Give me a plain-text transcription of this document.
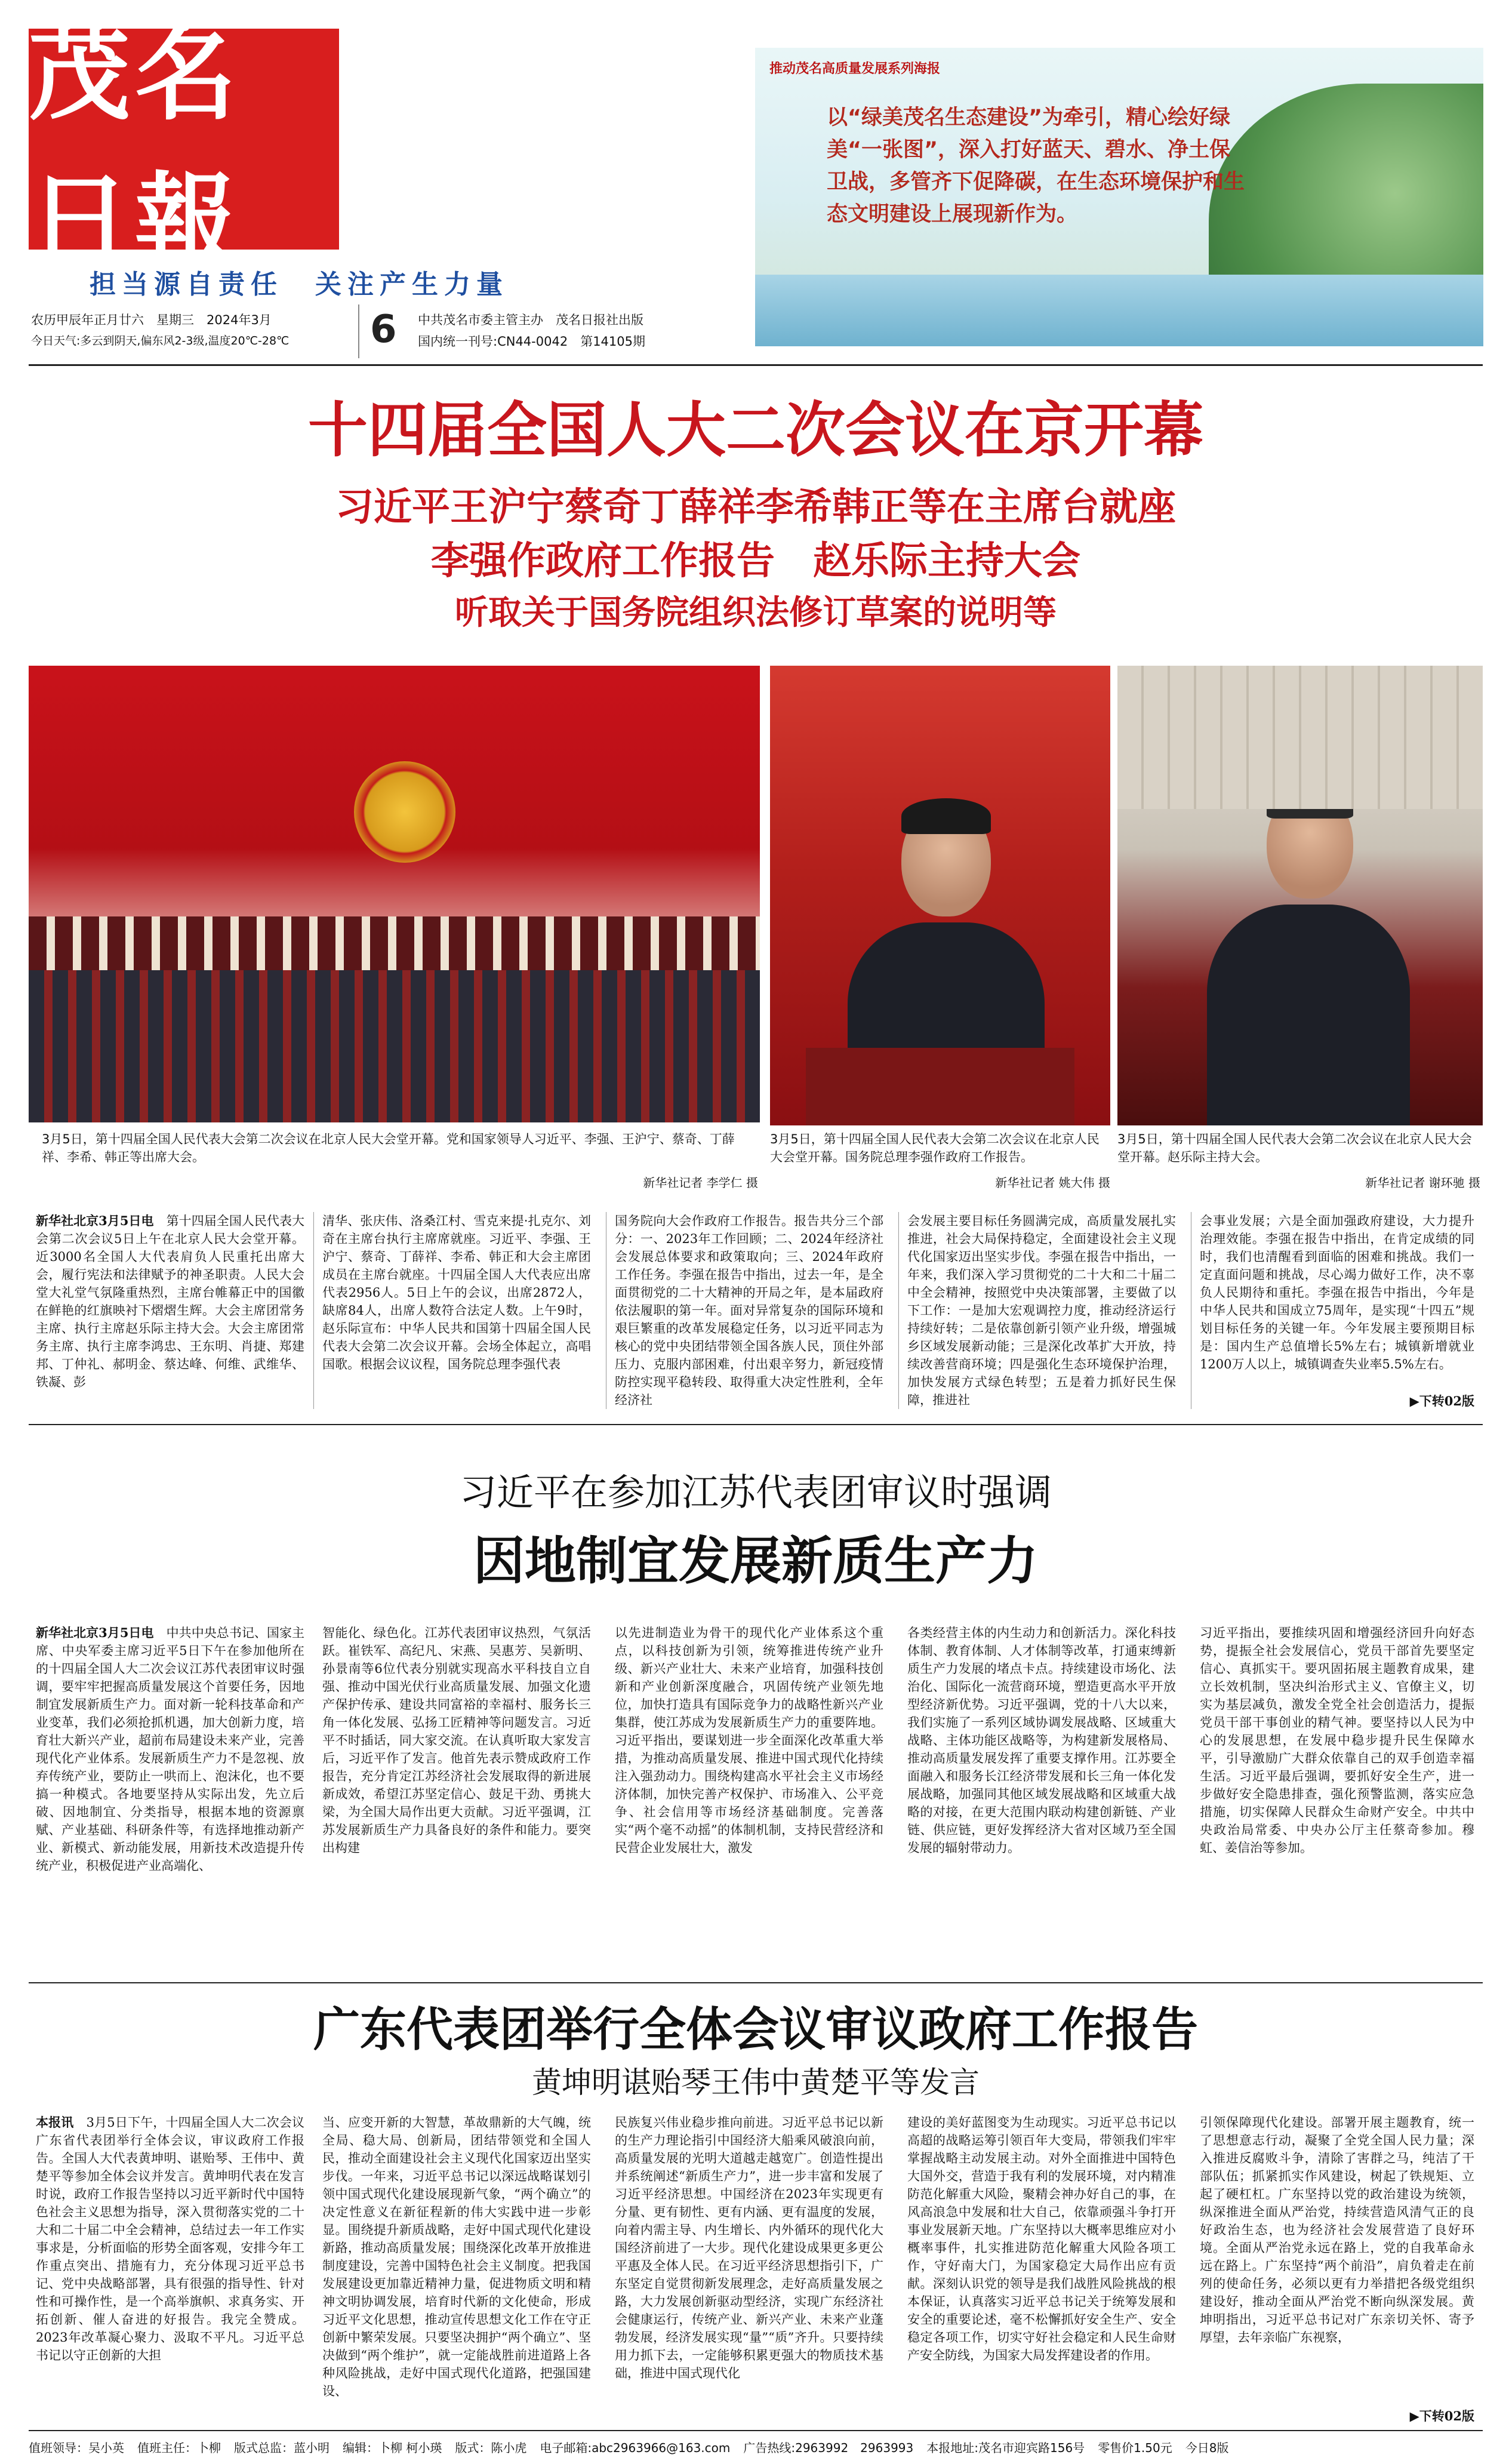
茂名日報
担当源自责任　关注产生力量
农历甲辰年正月廿六　星期三　2024年3月
今日天气:多云到阴天,偏东风2-3级,温度20℃-28℃ 6 中共茂名市委主管主办　茂名日报社出版
国内统一刊号:CN44-0042　第14105期
推动茂名高质量发展系列海报
以“绿美茂名生态建设”为牵引，精心绘好绿美“一张图”，深入打好蓝天、碧水、净土保卫战，多管齐下促降碳，在生态环境保护和生态文明建设上展现新作为。
十四届全国人大二次会议在京开幕
习近平王沪宁蔡奇丁薛祥李希韩正等在主席台就座
李强作政府工作报告　赵乐际主持大会
听取关于国务院组织法修订草案的说明等
3月5日，第十四届全国人民代表大会第二次会议在北京人民大会堂开幕。党和国家领导人习近平、李强、王沪宁、蔡奇、丁薛祥、李希、韩正等出席大会。
新华社记者 李学仁 摄
3月5日，第十四届全国人民代表大会第二次会议在北京人民大会堂开幕。国务院总理李强作政府工作报告。
新华社记者 姚大伟 摄
3月5日，第十四届全国人民代表大会第二次会议在北京人民大会堂开幕。赵乐际主持大会。
新华社记者 谢环驰 摄
新华社北京3月5日电　 第十四届全国人民代表大会第二次会议5日上午在北京人民大会堂开幕。近3000名全国人大代表肩负人民重托出席大会，履行宪法和法律赋予的神圣职责。人民大会堂大礼堂气氛隆重热烈，主席台帷幕正中的国徽在鲜艳的红旗映衬下熠熠生辉。大会主席团常务主席、执行主席赵乐际主持大会。大会主席团常务主席、执行主席李鸿忠、王东明、肖捷、郑建邦、丁仲礼、郝明金、蔡达峰、何维、武维华、铁凝、彭
清华、张庆伟、洛桑江村、雪克来提·扎克尔、刘奇在主席台执行主席席就座。习近平、李强、王沪宁、蔡奇、丁薛祥、李希、韩正和大会主席团成员在主席台就座。十四届全国人大代表应出席代表2956人。5日上午的会议，出席2872人，缺席84人，出席人数符合法定人数。上午9时，赵乐际宣布：中华人民共和国第十四届全国人民代表大会第二次会议开幕。会场全体起立，高唱国歌。根据会议议程，国务院总理李强代表
国务院向大会作政府工作报告。报告共分三个部分：一、2023年工作回顾；二、2024年经济社会发展总体要求和政策取向；三、2024年政府工作任务。李强在报告中指出，过去一年，是全面贯彻党的二十大精神的开局之年，是本届政府依法履职的第一年。面对异常复杂的国际环境和艰巨繁重的改革发展稳定任务，以习近平同志为核心的党中央团结带领全国各族人民，顶住外部压力、克服内部困难，付出艰辛努力，新冠疫情防控实现平稳转段、取得重大决定性胜利，全年经济社
会发展主要目标任务圆满完成，高质量发展扎实推进，社会大局保持稳定，全面建设社会主义现代化国家迈出坚实步伐。李强在报告中指出，一年来，我们深入学习贯彻党的二十大和二十届二中全会精神，按照党中央决策部署，主要做了以下工作：一是加大宏观调控力度，推动经济运行持续好转；二是依靠创新引领产业升级，增强城乡区域发展新动能；三是深化改革扩大开放，持续改善营商环境；四是强化生态环境保护治理，加快发展方式绿色转型；五是着力抓好民生保障，推进社
会事业发展；六是全面加强政府建设，大力提升治理效能。李强在报告中指出，在肯定成绩的同时，我们也清醒看到面临的困难和挑战。我们一定直面问题和挑战，尽心竭力做好工作，决不辜负人民期待和重托。李强在报告中指出，今年是中华人民共和国成立75周年，是实现“十四五”规划目标任务的关键一年。今年发展主要预期目标是：国内生产总值增长5%左右；城镇新增就业1200万人以上，城镇调查失业率5.5%左右。
▶下转02版
习近平在参加江苏代表团审议时强调
因地制宜发展新质生产力
新华社北京3月5日电　 中共中央总书记、国家主席、中央军委主席习近平5日下午在参加他所在的十四届全国人大二次会议江苏代表团审议时强调，要牢牢把握高质量发展这个首要任务，因地制宜发展新质生产力。面对新一轮科技革命和产业变革，我们必须抢抓机遇，加大创新力度，培育壮大新兴产业，超前布局建设未来产业，完善现代化产业体系。发展新质生产力不是忽视、放弃传统产业，要防止一哄而上、泡沫化，也不要搞一种模式。各地要坚持从实际出发，先立后破、因地制宜、分类指导，根据本地的资源禀赋、产业基础、科研条件等，有选择地推动新产业、新模式、新动能发展，用新技术改造提升传统产业，积极促进产业高端化、
智能化、绿色化。江苏代表团审议热烈，气氛活跃。崔铁军、高纪凡、宋燕、吴惠芳、吴新明、孙景南等6位代表分别就实现高水平科技自立自强、推动中国光伏行业高质量发展、加强文化遗产保护传承、建设共同富裕的幸福村、服务长三角一体化发展、弘扬工匠精神等问题发言。习近平不时插话，同大家交流。在认真听取大家发言后，习近平作了发言。他首先表示赞成政府工作报告，充分肯定江苏经济社会发展取得的新进展新成效，希望江苏坚定信心、鼓足干劲、勇挑大梁，为全国大局作出更大贡献。习近平强调，江苏发展新质生产力具备良好的条件和能力。要突出构建
以先进制造业为骨干的现代化产业体系这个重点，以科技创新为引领，统筹推进传统产业升级、新兴产业壮大、未来产业培育，加强科技创新和产业创新深度融合，巩固传统产业领先地位，加快打造具有国际竞争力的战略性新兴产业集群，使江苏成为发展新质生产力的重要阵地。习近平指出，要谋划进一步全面深化改革重大举措，为推动高质量发展、推进中国式现代化持续注入强劲动力。围绕构建高水平社会主义市场经济体制，加快完善产权保护、市场准入、公平竞争、社会信用等市场经济基础制度。完善落实“两个毫不动摇”的体制机制，支持民营经济和民营企业发展壮大，激发
各类经营主体的内生动力和创新活力。深化科技体制、教育体制、人才体制等改革，打通束缚新质生产力发展的堵点卡点。持续建设市场化、法治化、国际化一流营商环境，塑造更高水平开放型经济新优势。习近平强调，党的十八大以来，我们实施了一系列区域协调发展战略、区域重大战略、主体功能区战略等，为构建新发展格局、推动高质量发展发挥了重要支撑作用。江苏要全面融入和服务长江经济带发展和长三角一体化发展战略，加强同其他区域发展战略和区域重大战略的对接，在更大范围内联动构建创新链、产业链、供应链，更好发挥经济大省对区域乃至全国发展的辐射带动力。
习近平指出，要推续巩固和增强经济回升向好态势，提振全社会发展信心，党员干部首先要坚定信心、真抓实干。要巩固拓展主题教育成果，建立长效机制，坚决纠治形式主义、官僚主义，切实为基层减负，激发全党全社会创造活力，提振党员干部干事创业的精气神。要坚持以人民为中心的发展思想，在发展中稳步提升民生保障水平，引导激励广大群众依靠自己的双手创造幸福生活。习近平最后强调，要抓好安全生产，进一步做好安全隐患排查，强化预警监测，落实应急措施，切实保障人民群众生命财产安全。中共中央政治局常委、中央办公厅主任蔡奇参加。穆虹、姜信治等参加。
广东代表团举行全体会议审议政府工作报告
黄坤明谌贻琴王伟中黄楚平等发言
本报讯　 3月5日下午，十四届全国人大二次会议广东省代表团举行全体会议，审议政府工作报告。全国人大代表黄坤明、谌贻琴、王伟中、黄楚平等参加全体会议并发言。黄坤明代表在发言时说，政府工作报告坚持以习近平新时代中国特色社会主义思想为指导，深入贯彻落实党的二十大和二十届二中全会精神，总结过去一年工作实事求是，分析面临的形势全面客观，安排今年工作重点突出、措施有力，充分体现习近平总书记、党中央战略部署，具有很强的指导性、针对性和可操作性，是一个高举旗帜、求真务实、开拓创新、催人奋进的好报告。我完全赞成。2023年改革凝心聚力、汲取不平凡。习近平总书记以守正创新的大担
当、应变开新的大智慧，革故鼎新的大气魄，统全局、稳大局、创新局，团结带领党和全国人民，推动全面建设社会主义现代化国家迈出坚实步伐。一年来，习近平总书记以深远战略谋划引领中国式现代化建设展现新气象，“两个确立”的决定性意义在新征程新的伟大实践中进一步彰显。围绕提升新质战略，走好中国式现代化建设新路，推动高质量发展；围绕深化改革开放推进制度建设，完善中国特色社会主义制度。把我国发展建设更加靠近精神力量，促进物质文明和精神文明协调发展，培育时代新的文化使命，形成习近平文化思想，推动宣传思想文化工作在守正创新中繁荣发展。只要坚决拥护“两个确立”、坚决做到“两个维护”，就一定能战胜前进道路上各种风险挑战，走好中国式现代化道路，把强国建设、
民族复兴伟业稳步推向前进。习近平总书记以新的生产力理论指引中国经济大船乘风破浪向前，高质量发展的光明大道越走越宽广。创造性提出并系统阐述“新质生产力”，进一步丰富和发展了习近平经济思想。中国经济在2023年实现更有分量、更有韧性、更有内涵、更有温度的发展，向着内需主导、内生增长、内外循环的现代化大国经济前进了一大步。现代化建设成果更多更公平惠及全体人民。在习近平经济思想指引下，广东坚定自觉贯彻新发展理念，走好高质量发展之路，大力发展创新驱动型经济，实现广东经济社会健康运行，传统产业、新兴产业、未来产业蓬勃发展，经济发展实现“量”“质”齐升。只要持续用力抓下去，一定能够积累更强大的物质技术基础，推进中国式现代化
建设的美好蓝图变为生动现实。习近平总书记以高超的战略运筹引领百年大变局，带领我们牢牢掌握战略主动发展主动。对外全面推进中国特色大国外交，营造于我有利的发展环境，对内精准防范化解重大风险，聚精会神办好自己的事，在风高浪急中发展和壮大自己，依靠顽强斗争打开事业发展新天地。广东坚持以大概率思维应对小概率事件，扎实推进防范化解重大风险各项工作，守好南大门，为国家稳定大局作出应有贡献。深刻认识党的领导是我们战胜风险挑战的根本保证，认真落实习近平总书记关于统筹发展和安全的重要论述，毫不松懈抓好安全生产、安全稳定各项工作，切实守好社会稳定和人民生命财产安全防线，为国家大局发挥建设者的作用。
引领保障现代化建设。部署开展主题教育，统一了思想意志行动，凝聚了全党全国人民力量；深入推进反腐败斗争，清除了害群之马，纯洁了干部队伍；抓紧抓实作风建设，树起了铁规矩、立起了硬杠杠。广东坚持以党的政治建设为统领，纵深推进全面从严治党，持续营造风清气正的良好政治生态，也为经济社会发展营造了良好环境。全面从严治党永远在路上，党的自我革命永远在路上。广东坚持“两个前沿”，肩负着走在前列的使命任务，必须以更有力举措把各级党组织建设好，推动全面从严治党不断向纵深发展。黄坤明指出，习近平总书记对广东亲切关怀、寄予厚望，去年亲临广东视察，
▶下转02版
值班领导：吴小英 值班主任：卜柳 版式总监：蓝小明 编辑：卜柳 柯小瑛 版式：陈小虎 电子邮箱:abc2963966@163.com 广告热线:2963992　2963993 本报地址:茂名市迎宾路156号 零售价1.50元 今日8版
